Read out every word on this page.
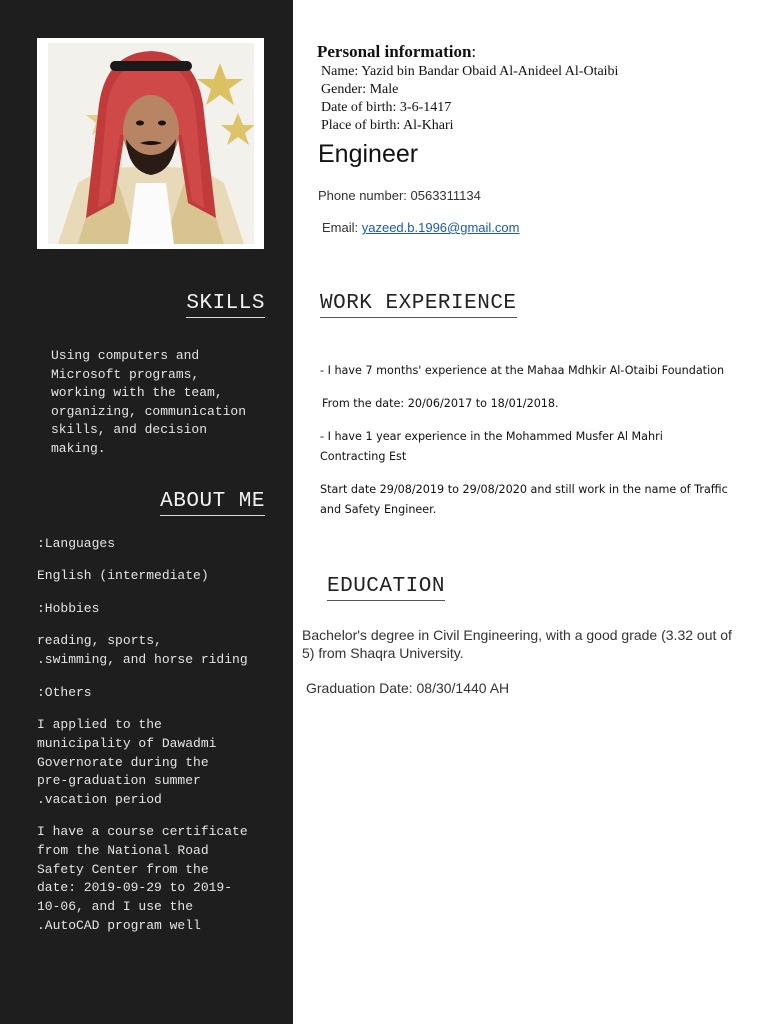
SKILLS
Using computers and
Microsoft programs,
working with the team,
organizing, communication
skills, and decision
making.
ABOUT ME
:Languages
English (intermediate)
:Hobbies
reading, sports,
.swimming, and horse riding
:Others
I applied to the
municipality of Dawadmi
Governorate during the
pre-graduation summer
.vacation period
I have a course certificate
from the National Road
Safety Center from the
date: 2019-09-29 to 2019-
10-06, and I use the
.AutoCAD program well
Personal information:
Name: Yazid bin Bandar Obaid Al-Anideel Al-Otaibi
Gender: Male
Date of birth: 3-6-1417
Place of birth: Al-Khari
Engineer
Phone number: 0563311134
Email: yazeed.b.1996@gmail.com
WORK EXPERIENCE
- I have 7 months' experience at the Mahaa Mdhkir Al-Otaibi Foundation
From the date: 20/06/2017 to 18/01/2018.
- I have 1 year experience in the Mohammed Musfer Al Mahri Contracting Est
Start date 29/08/2019 to 29/08/2020 and still work in the name of Traffic and Safety Engineer.
EDUCATION
Bachelor's degree in Civil Engineering, with a good grade (3.32 out of 5) from Shaqra University.
Graduation Date: 08/30/1440 AH
